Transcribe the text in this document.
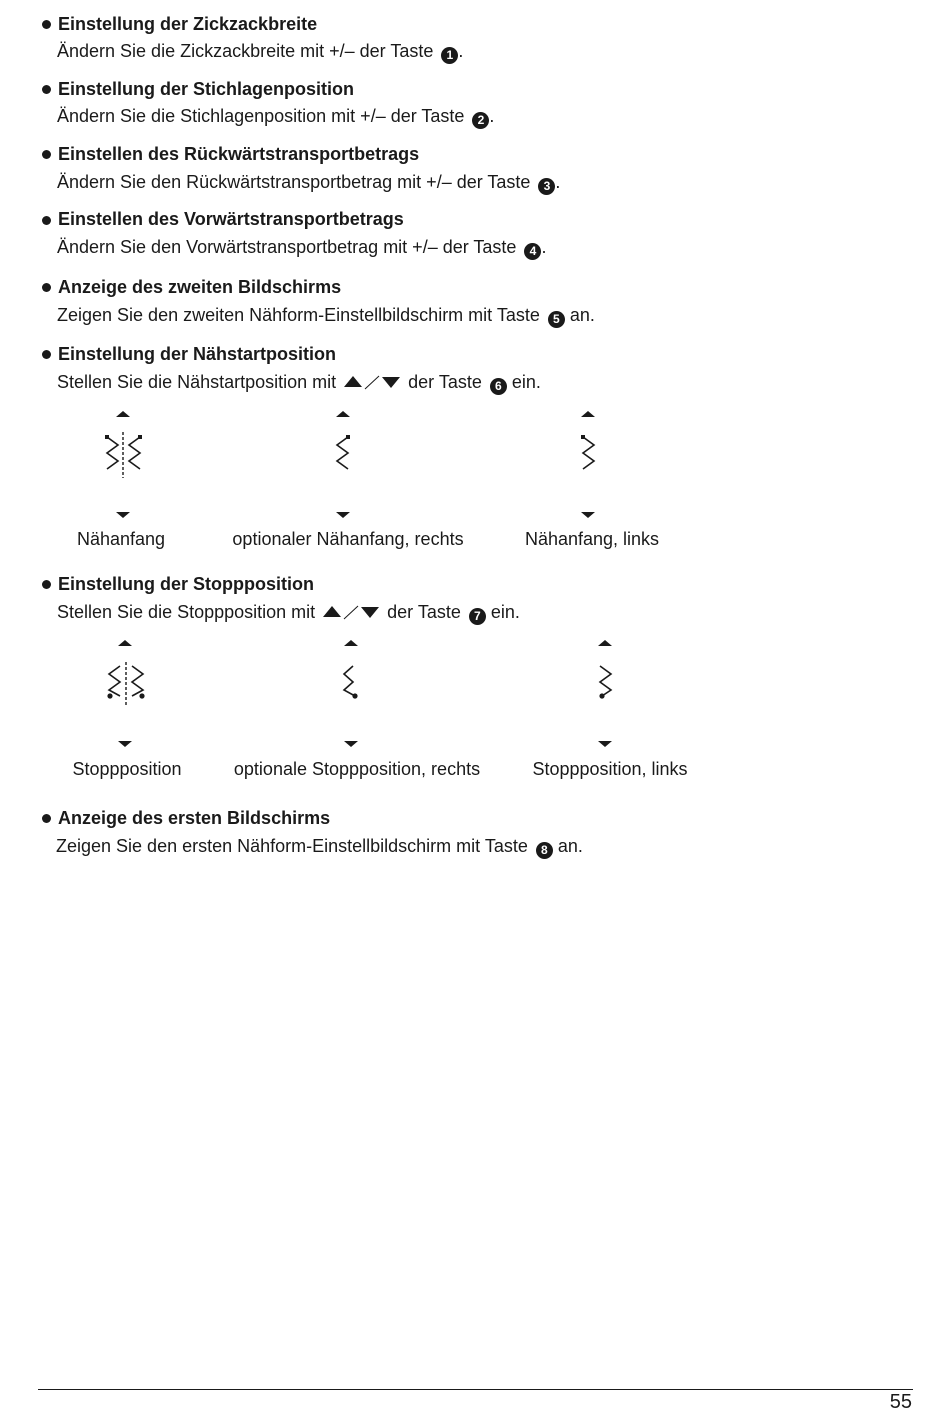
Einstellung der Zickzackbreite
Ändern Sie die Zickzackbreite mit +/– der Taste 1 .
Einstellung der Stichlagenposition
Ändern Sie die Stichlagenposition mit +/– der Taste 2 .
Einstellen des Rückwärtstransportbetrags
Ändern Sie den Rückwärtstransportbetrag mit +/– der Taste 3 .
Einstellen des Vorwärtstransportbetrags
Ändern Sie den Vorwärtstransportbetrag mit +/– der Taste 4 .
Anzeige des zweiten Bildschirms
Zeigen Sie den zweiten Nähform-Einstellbildschirm mit Taste 5 an.
Einstellung der Nähstartposition
Stellen Sie die Nähstartposition mit	der Taste 6 ein.
Nähanfang	optionaler Nähanfang, rechts	Nähanfang, links
Einstellung der Stoppposition
Stellen Sie die Stoppposition mit	der Taste 7 ein.
Stoppposition	optionale Stoppposition, rechts	Stoppposition, links
Anzeige des ersten Bildschirms
Zeigen Sie den ersten Nähform-Einstellbildschirm mit Taste 8 an.
55
